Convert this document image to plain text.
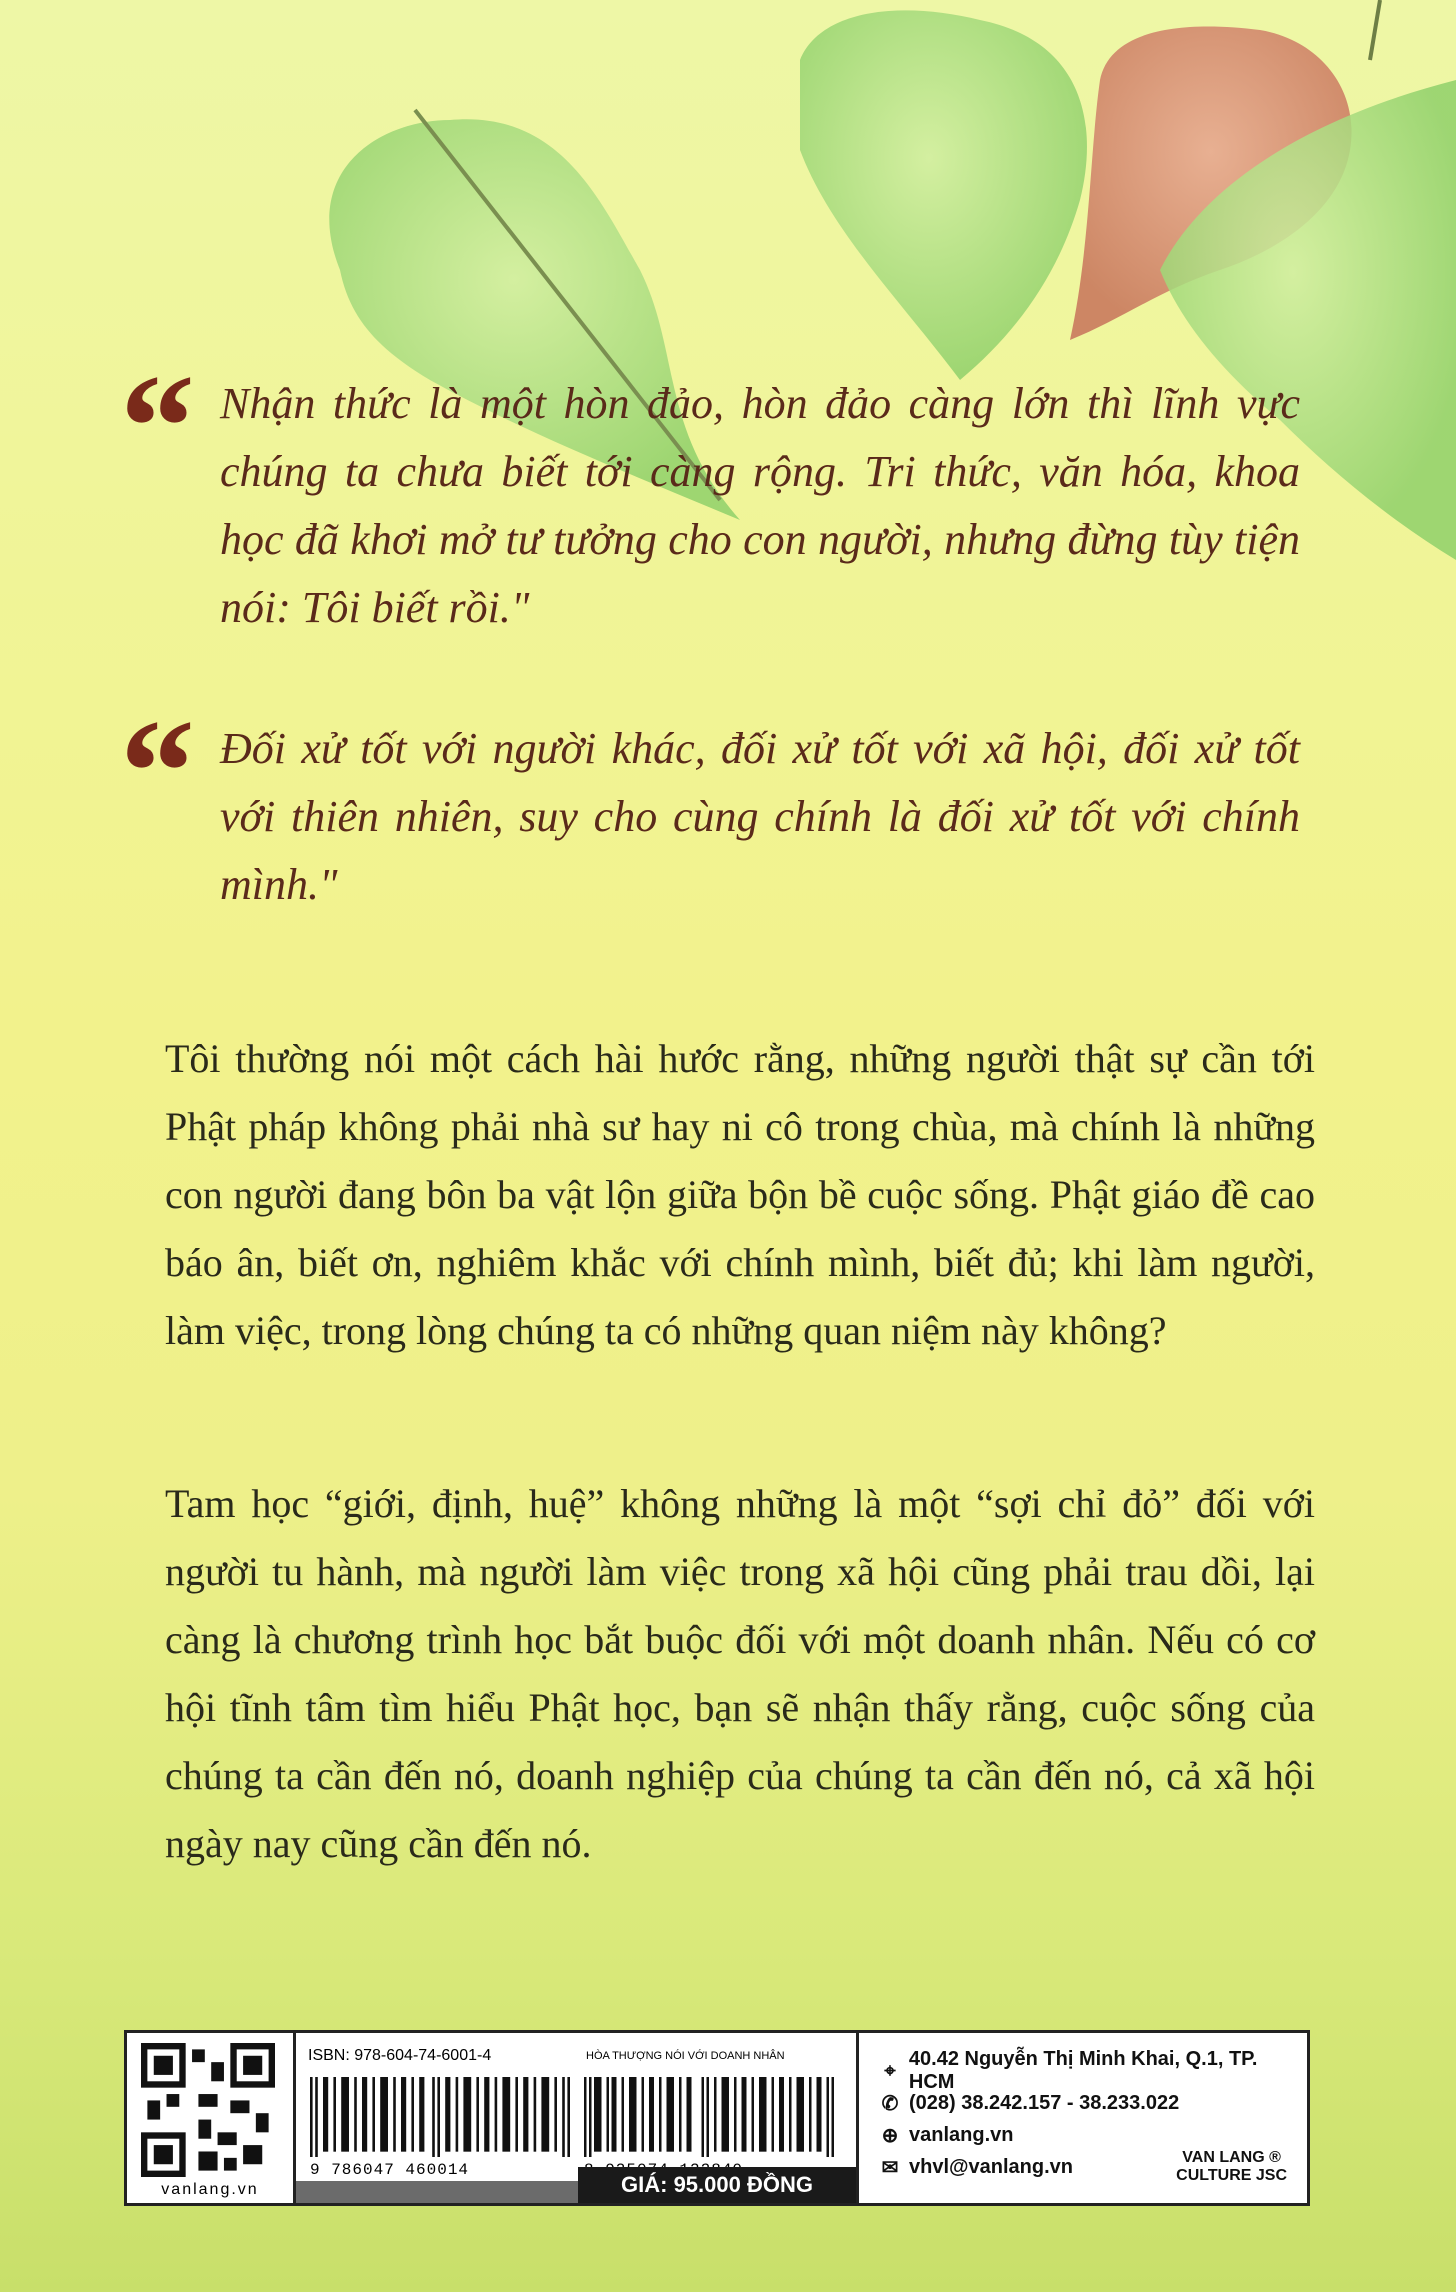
“ Nhận thức là một hòn đảo, hòn đảo càng lớn thì lĩnh vực chúng ta chưa biết tới càng rộng. Tri thức, văn hóa, khoa học đã khơi mở tư tưởng cho con người, nhưng đừng tùy tiện nói: Tôi biết rồi."
“ Đối xử tốt với người khác, đối xử tốt với xã hội, đối xử tốt với thiên nhiên, suy cho cùng chính là đối xử tốt với chính mình."
Tôi thường nói một cách hài hước rằng, những người thật sự cần tới Phật pháp không phải nhà sư hay ni cô trong chùa, mà chính là những con người đang bôn ba vật lộn giữa bộn bề cuộc sống. Phật giáo đề cao báo ân, biết ơn, nghiêm khắc với chính mình, biết đủ; khi làm người, làm việc, trong lòng chúng ta có những quan niệm này không?
Tam học “giới, định, huệ” không những là một “sợi chỉ đỏ” đối với người tu hành, mà người làm việc trong xã hội cũng phải trau dồi, lại càng là chương trình học bắt buộc đối với một doanh nhân. Nếu có cơ hội tĩnh tâm tìm hiểu Phật học, bạn sẽ nhận thấy rằng, cuộc sống của chúng ta cần đến nó, doanh nghiệp của chúng ta cần đến nó, cả xã hội ngày nay cũng cần đến nó.
vanlang.vn
ISBN: 978-604-74-6001-4	HÒA THƯỢNG NÓI VỚI DOANH NHÂN
9 786047 460014
GIÁ: 95.000 ĐỒNG
⌖
40.42 Nguyễn Thị Minh Khai, Q.1, TP. HCM
✆ (028) 38.242.157 - 38.233.022
⊕ vanlang.vn
✉ vhvl@vanlang.vn	VAN LANG ®
CULTURE JSC
